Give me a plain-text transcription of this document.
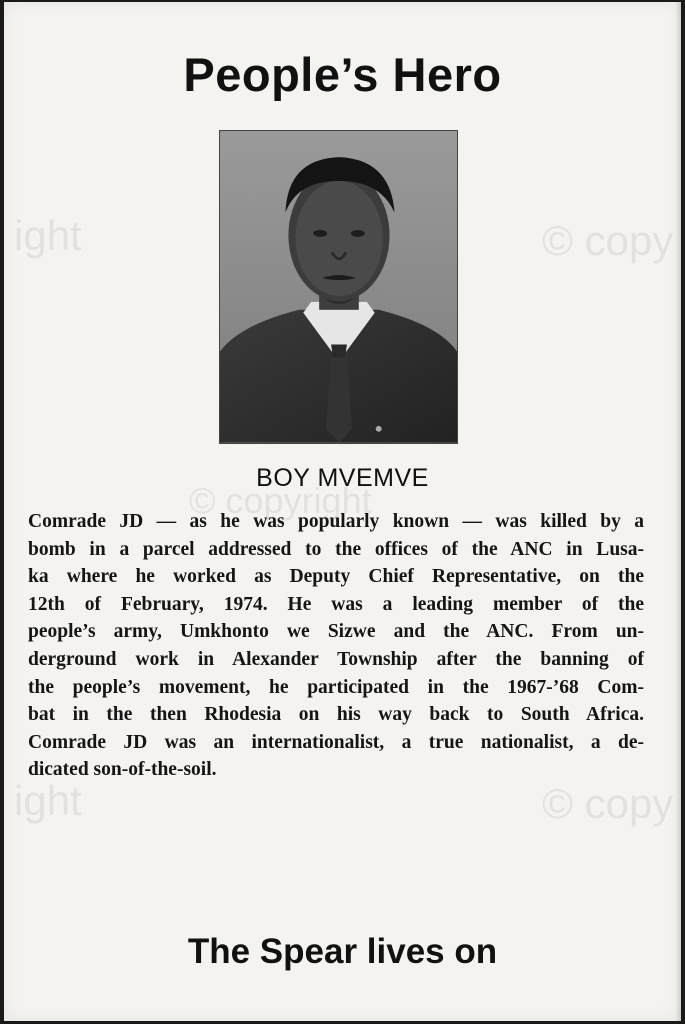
ight	© copy
© copyright
ight	© copy
People’s Hero
BOY MVEMVE
Comrade JD — as he was popularly known — was killed by a
bomb in a parcel addressed to the offices of the ANC in Lusa-
ka where he worked as Deputy Chief Representative, on the
12th of February, 1974. He was a leading member of the
people’s army, Umkhonto we Sizwe and the ANC. From un-
derground work in Alexander Township after the banning of
the people’s movement, he participated in the 1967-’68 Com-
bat in the then Rhodesia on his way back to South Africa.
Comrade JD was an internationalist, a true nationalist, a de-
dicated son-of-the-soil.
The Spear lives on
